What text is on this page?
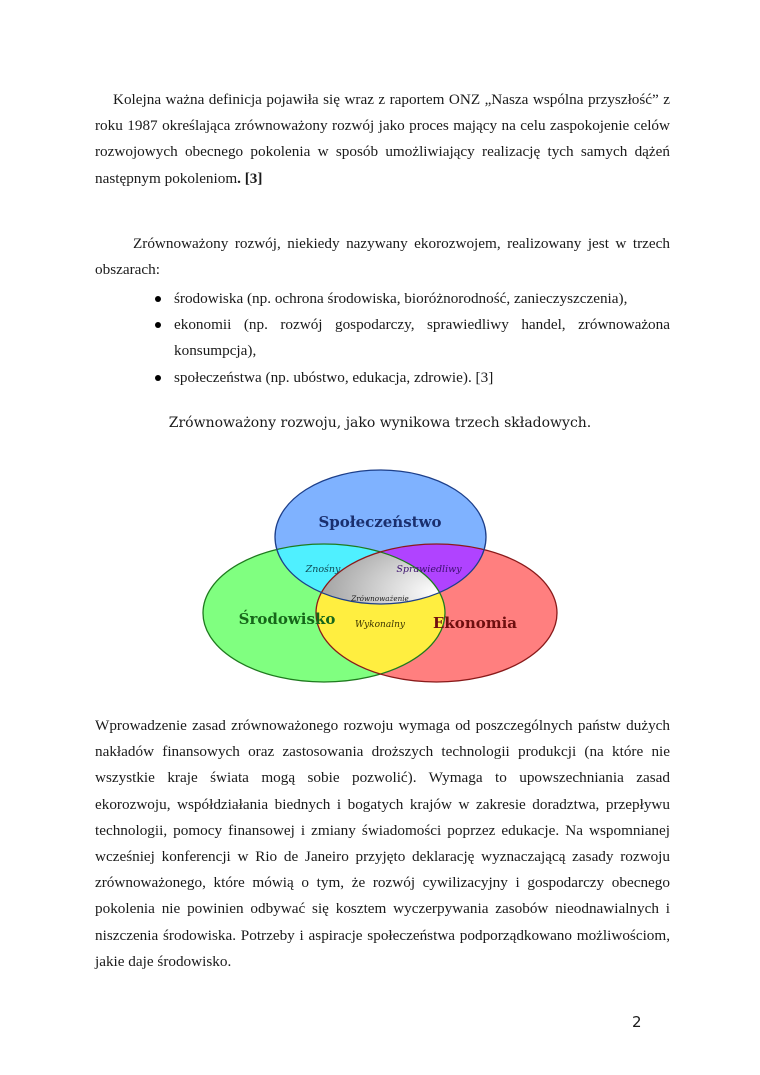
Kolejna ważna definicja pojawiła się wraz z raportem ONZ „Nasza wspólna przyszłość” z roku 1987 określająca zrównoważony rozwój jako proces mający na celu zaspokojenie celów rozwojowych obecnego pokolenia w sposób umożliwiający realizację tych samych dążeń następnym pokoleniom. [3]

Zrównoważony rozwój, niekiedy nazywany ekorozwojem, realizowany jest w trzech obszarach:

środowiska (np. ochrona środowiska, bioróżnorodność, zanieczyszczenia),
ekonomii (np. rozwój gospodarczy, sprawiedliwy handel, zrównoważona konsumpcja),
społeczeństwa (np. ubóstwo, edukacja, zdrowie). [3]
Zrównoważony rozwoju, jako wynikowa trzech składowych.
Społeczeństwo
Środowisko	Ekonomia
Znośny	Sprawiedliwy
Wykonalny
Zrównoważenie

Wprowadzenie zasad zrównoważonego rozwoju wymaga od poszczególnych państw dużych nakładów finansowych oraz zastosowania droższych technologii produkcji (na które nie wszystkie kraje świata mogą sobie pozwolić). Wymaga to upowszechniania zasad ekorozwoju, współdziałania biednych i bogatych krajów w zakresie doradztwa, przepływu technologii, pomocy finansowej i zmiany świadomości poprzez edukacje. Na wspomnianej wcześniej konferencji w Rio de Janeiro przyjęto deklarację wyznaczającą zasady rozwoju zrównoważonego, które mówią o tym, że rozwój cywilizacyjny i gospodarczy obecnego pokolenia nie powinien odbywać się kosztem wyczerpywania zasobów nieodnawialnych i niszczenia środowiska. Potrzeby i aspiracje społeczeństwa podporządkowano możliwościom, jakie daje środowisko.

2
